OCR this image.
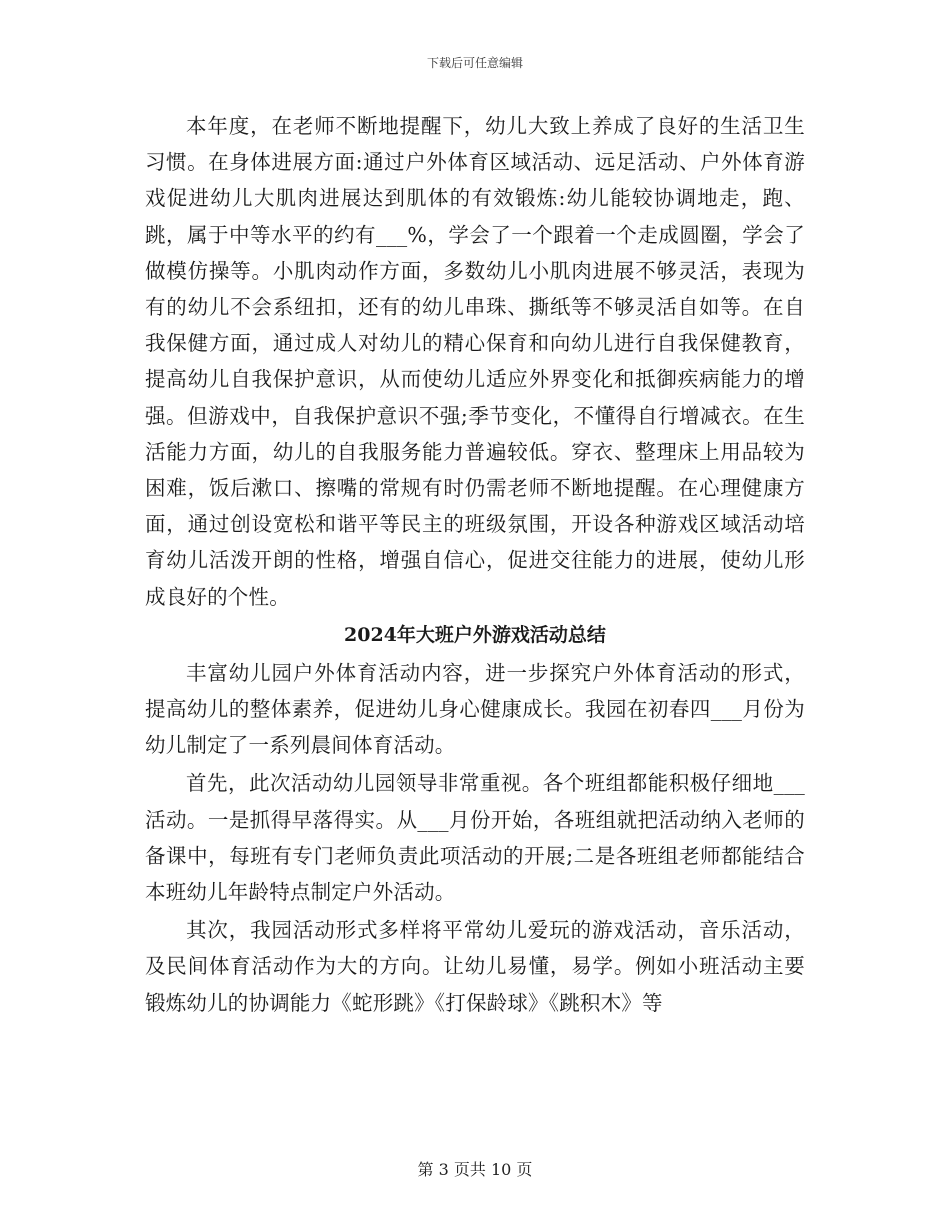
下载后可任意编辑

本年度，在老师不断地提醒下，幼儿大致上养成了良好的生活卫生习惯。在身体进展方面:通过户外体育区域活动、远足活动、户外体育游戏促进幼儿大肌肉进展达到肌体的有效锻炼:幼儿能较协调地走，跑、跳，属于中等水平的约有___%，学会了一个跟着一个走成圆圈，学会了做模仿操等。小肌肉动作方面，多数幼儿小肌肉进展不够灵活，表现为有的幼儿不会系纽扣，还有的幼儿串珠、撕纸等不够灵活自如等。在自我保健方面，通过成人对幼儿的精心保育和向幼儿进行自我保健教育，提高幼儿自我保护意识，从而使幼儿适应外界变化和抵御疾病能力的增强。但游戏中，自我保护意识不强;季节变化，不懂得自行增减衣。在生活能力方面，幼儿的自我服务能力普遍较低。穿衣、整理床上用品较为困难，饭后漱口、擦嘴的常规有时仍需老师不断地提醒。在心理健康方面，通过创设宽松和谐平等民主的班级氛围，开设各种游戏区域活动培育幼儿活泼开朗的性格，增强自信心，促进交往能力的进展，使幼儿形成良好的个性。

2024年大班户外游戏活动总结

丰富幼儿园户外体育活动内容，进一步探究户外体育活动的形式，提高幼儿的整体素养，促进幼儿身心健康成长。我园在初春四___月份为幼儿制定了一系列晨间体育活动。

首先，此次活动幼儿园领导非常重视。各个班组都能积极仔细地___活动。一是抓得早落得实。从___月份开始，各班组就把活动纳入老师的备课中，每班有专门老师负责此项活动的开展;二是各班组老师都能结合本班幼儿年龄特点制定户外活动。

其次，我园活动形式多样将平常幼儿爱玩的游戏活动，音乐活动，及民间体育活动作为大的方向。让幼儿易懂，易学。例如小班活动主要锻炼幼儿的协调能力《蛇形跳》《打保龄球》《跳积木》等

第 3 页共 10 页
